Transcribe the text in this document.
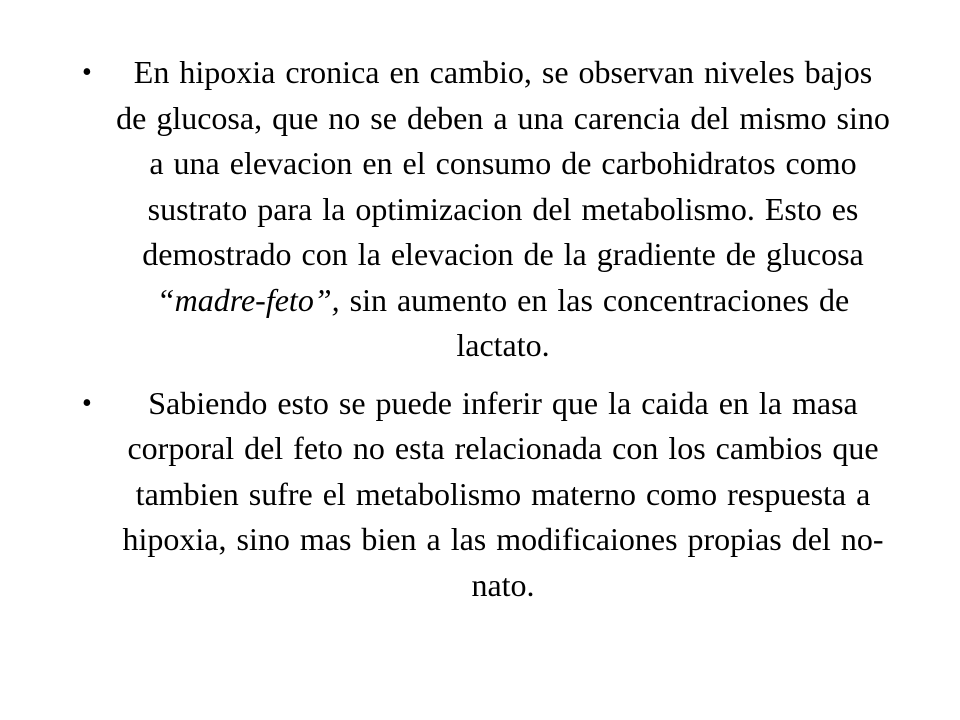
•	En hipoxia cronica en cambio, se observan niveles bajos de glucosa, que no se deben a una carencia del mismo sino a una elevacion en el consumo de carbohidratos como sustrato para la optimizacion del metabolismo. Esto es demostrado con la elevacion de la gradiente de glucosa “madre-feto”, sin aumento en las concentraciones de lactato.
•	Sabiendo esto se puede inferir que la caida en la masa corporal del feto no esta relacionada con los cambios que tambien sufre el metabolismo materno como respuesta a hipoxia, sino mas bien a las modificaiones propias del no-nato.
